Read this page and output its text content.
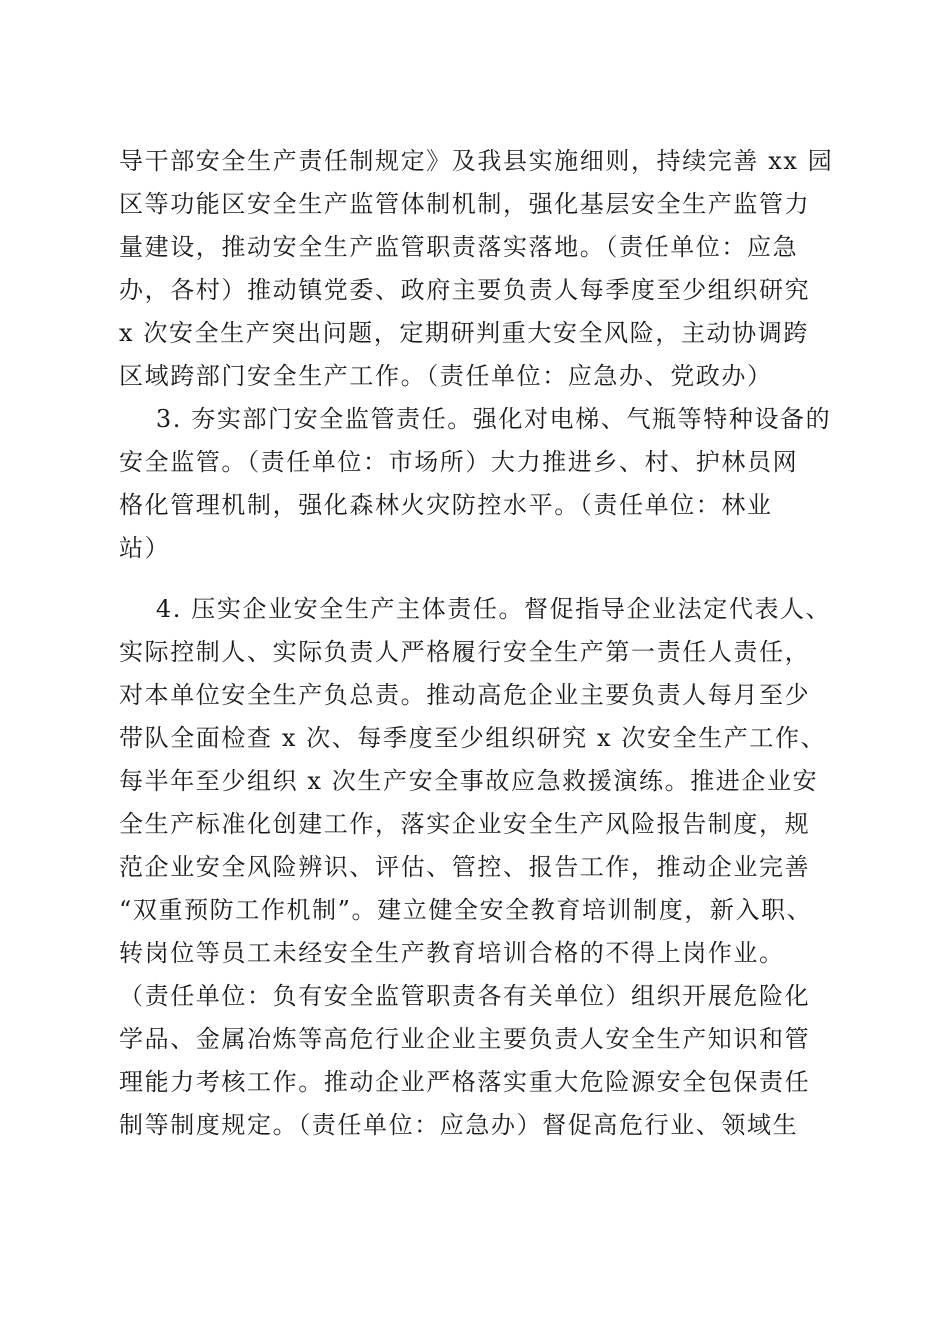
导干部安全生产责任制规定》及我县实施细则，持续完善 xx 园
区等功能区安全生产监管体制机制，强化基层安全生产监管力
量建设，推动安全生产监管职责落实落地。（责任单位：应急
办，各村）推动镇党委、政府主要负责人每季度至少组织研究
x 次安全生产突出问题，定期研判重大安全风险，主动协调跨
区域跨部门安全生产工作。（责任单位：应急办、党政办）
3. 夯实部门安全监管责任。强化对电梯、气瓶等特种设备的
安全监管。（责任单位：市场所）大力推进乡、村、护林员网
格化管理机制，强化森林火灾防控水平。（责任单位：林业
站）
4. 压实企业安全生产主体责任。督促指导企业法定代表人、
实际控制人、实际负责人严格履行安全生产第一责任人责任，
对本单位安全生产负总责。推动高危企业主要负责人每月至少
带队全面检查 x 次、每季度至少组织研究 x 次安全生产工作、
每半年至少组织 x 次生产安全事故应急救援演练。推进企业安
全生产标准化创建工作，落实企业安全生产风险报告制度，规
范企业安全风险辨识、评估、管控、报告工作，推动企业完善
“双重预防工作机制”。建立健全安全教育培训制度，新入职、
转岗位等员工未经安全生产教育培训合格的不得上岗作业。
（责任单位：负有安全监管职责各有关单位）组织开展危险化
学品、金属冶炼等高危行业企业主要负责人安全生产知识和管
理能力考核工作。推动企业严格落实重大危险源安全包保责任
制等制度规定。（责任单位：应急办）督促高危行业、领域生
